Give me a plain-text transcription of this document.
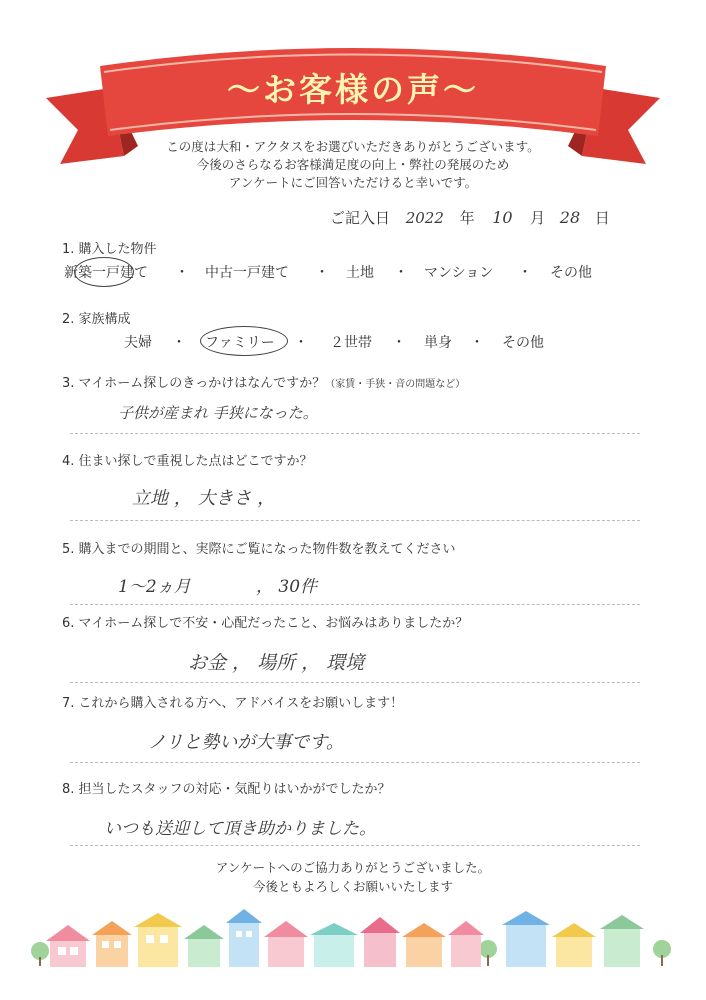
〜お客様の声〜
この度は大和・アクタスをお選びいただきありがとうございます。
今後のさらなるお客様満足度の向上・弊社の発展のため
アンケートにご回答いただけると幸いです。
ご記入日 2022 年 10 月 28 日
1. 購入した物件
新築一戸建て ・ 中古一戸建て ・ 土地 ・ マンション ・ その他
2. 家族構成
夫婦 ・ ファミリー ・ ２世帯 ・ 単身 ・ その他
3. マイホーム探しのきっかけはなんですか？（家賃・手狭・音の問題など）
子供が産まれ 手狭になった。
4. 住まい探しで重視した点はどこですか？
立地 ， 大きさ ，
5. 購入までの期間と、実際にご覧になった物件数を教えてください
1〜2ヵ月	， 30件
6. マイホーム探しで不安・心配だったこと、お悩みはありましたか？
お金 ， 場所 ， 環境
7. これから購入される方へ、アドバイスをお願いします！
ノリと勢いが大事です。
8. 担当したスタッフの対応・気配りはいかがでしたか？
いつも送迎して頂き助かりました。
アンケートへのご協力ありがとうございました。
今後ともよろしくお願いいたします
